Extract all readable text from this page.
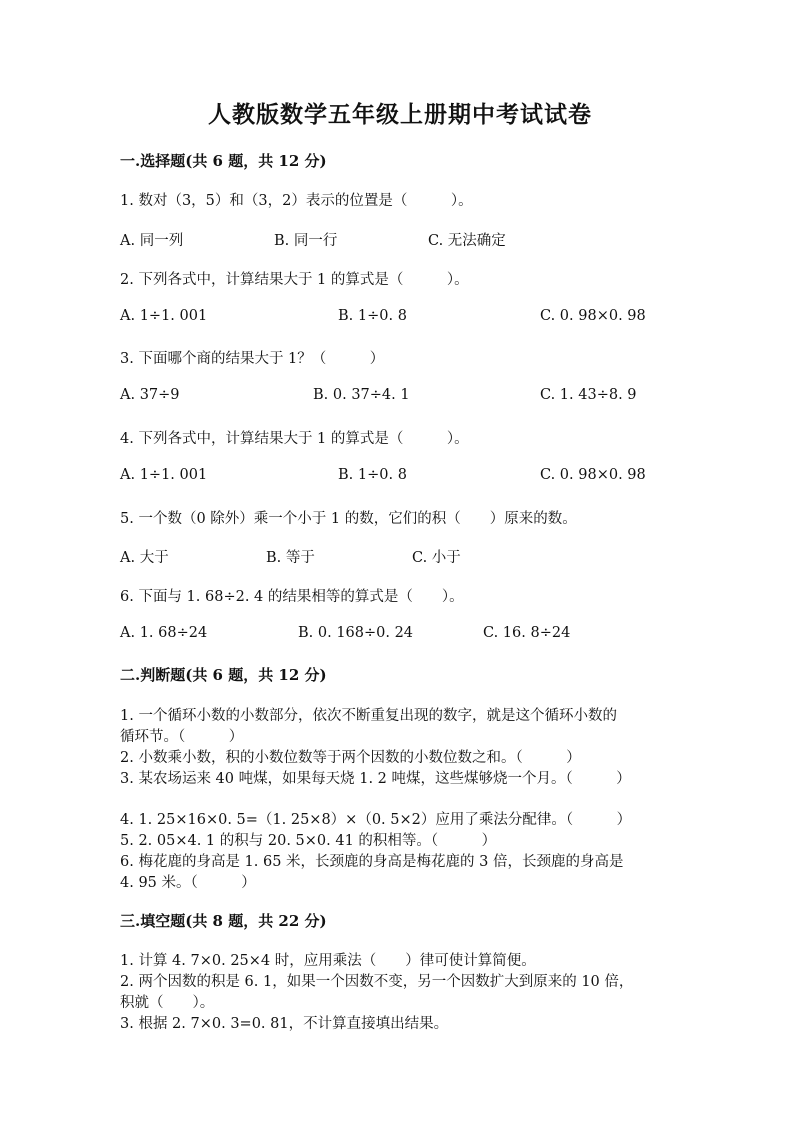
人教版数学五年级上册期中考试试卷
一.选择题(共 6 题，共 12 分)
1. 数对（3，5）和（3，2）表示的位置是（　　　）。
A. 同一列	B. 同一行	C. 无法确定
2. 下列各式中，计算结果大于 1 的算式是（　　　）。
A. 1÷1. 001	B. 1÷0. 8	C. 0. 98×0. 98
3. 下面哪个商的结果大于 1？（　　　）
A. 37÷9	B. 0. 37÷4. 1	C. 1. 43÷8. 9
4. 下列各式中，计算结果大于 1 的算式是（　　　）。
A. 1÷1. 001	B. 1÷0. 8	C. 0. 98×0. 98
5. 一个数（0 除外）乘一个小于 1 的数，它们的积（　　）原来的数。
A. 大于	B. 等于	C. 小于
6. 下面与 1. 68÷2. 4 的结果相等的算式是（　　）。
A. 1. 68÷24	B. 0. 168÷0. 24	C. 16. 8÷24
二.判断题(共 6 题，共 12 分)
1. 一个循环小数的小数部分，依次不断重复出现的数字，就是这个循环小数的
循环节。（　　　）
2. 小数乘小数，积的小数位数等于两个因数的小数位数之和。（　　　）
3. 某农场运来 40 吨煤，如果每天烧 1. 2 吨煤，这些煤够烧一个月。（　　　）
4. 1. 25×16×0. 5=（1. 25×8）×（0. 5×2）应用了乘法分配律。（　　　）
5. 2. 05×4. 1 的积与 20. 5×0. 41 的积相等。（　　　）
6. 梅花鹿的身高是 1. 65 米，长颈鹿的身高是梅花鹿的 3 倍，长颈鹿的身高是
4. 95 米。（　　　）
三.填空题(共 8 题，共 22 分)
1. 计算 4. 7×0. 25×4 时，应用乘法（　　）律可使计算简便。
2. 两个因数的积是 6. 1，如果一个因数不变，另一个因数扩大到原来的 10 倍，
积就（　　）。
3. 根据 2. 7×0. 3=0. 81，不计算直接填出结果。
